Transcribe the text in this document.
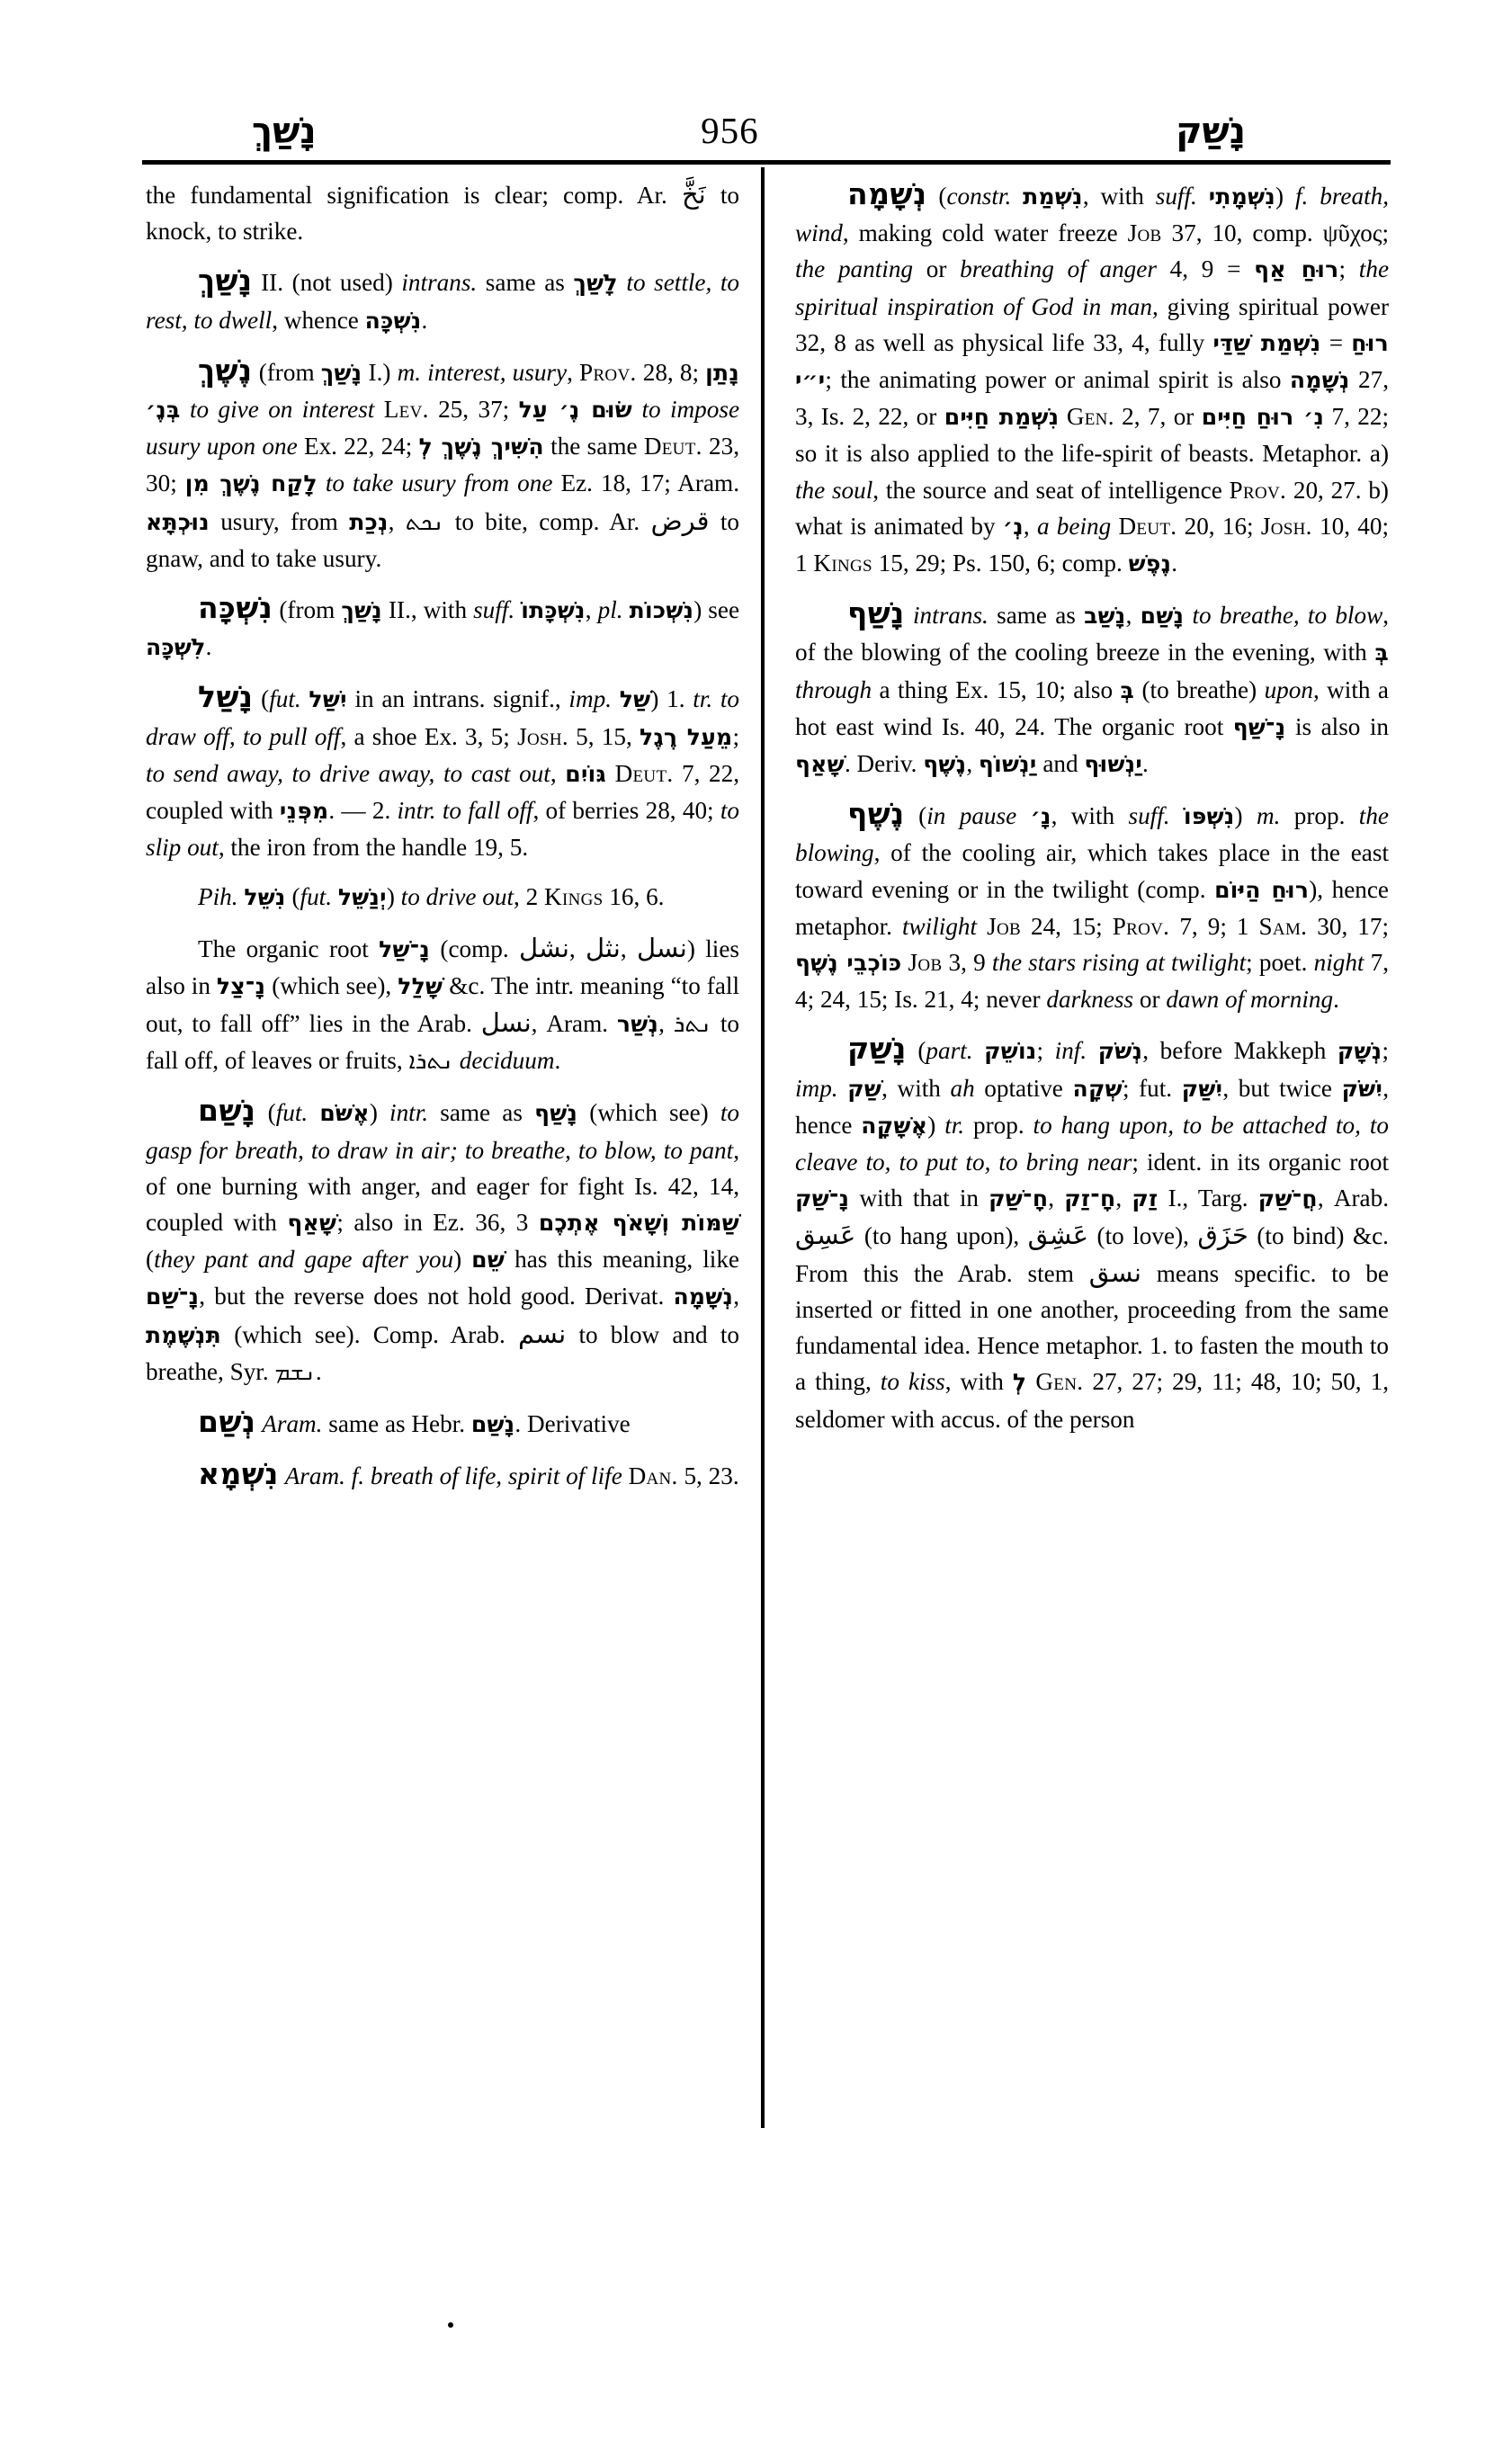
נָשַׁךְ	956	נָשַׁק

the fundamental signification is clear; comp. Ar. نَخَّ to knock, to strike.

נָשַׁךְ II. (not used) intrans. same as לָשַׁךְ to settle, to rest, to dwell, whence נִשְׁכָּה.

נֶשֶׁךְ (from נָשַׁךְ I.) m. interest, usury, Prov. 28, 8; נָתַן בְּנֶ׳ to give on interest Lev. 25, 37; שׂוּם נֶ׳ עַל to impose usury upon one Ex. 22, 24; הִשִּׁיךְ נֶשֶׁךְ לְ the same Deut. 23, 30; לָקַח נֶשֶׁךְ מִן to take usury from one Ez. 18, 17; Aram. נוּכְתָּא usury, from נְכַת, ܢܟܬ to bite, comp. Ar. قرض to gnaw, and to take usury.

נִשְׁכָּה (from נָשַׁךְ II., with suff. נִשְׁכָּתוֹ, pl. נִשְׁכוֹת) see לִשְׁכָּה.

נָשַׁל (fut. יִשַּׁל in an intrans. signif., imp. שַׁל) 1. tr. to draw off, to pull off, a shoe Ex. 3, 5; Josh. 5, 15, מֵעַל רֶגֶל; to send away, to drive away, to cast out, גּוֹיִם Deut. 7, 22, coupled with מִפְּנֵי. — 2. intr. to fall off, of berries 28, 40; to slip out, the iron from the handle 19, 5.

Pih. נִשֵּׁל (fut. יְנַשֵּׁל) to drive out, 2 Kings 16, 6.

The organic root נָ־שַׁל (comp. نشل, نثل, نسل) lies also in נָ־צַל (which see), שָׁלַל &c. The intr. meaning “to fall out, to fall off” lies in the Arab. نسل, Aram. נְשַׁר, ܢܬܪ to fall off, of leaves or fruits, ܢܬܪܐ deciduum.

נָשַׁם (fut. אֶשֹּׁם) intr. same as נָשַׁף (which see) to gasp for breath, to draw in air; to breathe, to blow, to pant, of one burning with anger, and eager for fight Is. 42, 14, coupled with שָׁאַף; also in Ez. 36, 3 שַׁמּוֹת וְשָׁאֹף אֶתְכֶם (they pant and gape after you) שֵׁם has this meaning, like נָ־שַׁם, but the reverse does not hold good. Derivat. נְשָׁמָה, תִּנְשֶׁמֶת (which see). Comp. Arab. نسم to blow and to breathe, Syr. ܢܫܡ.

נְשַׁם Aram. same as Hebr. נָשַׁם. Derivative

נִשְׁמָא Aram. f. breath of life, spirit of life Dan. 5, 23.

נְשָׁמָה (constr. נִשְׁמַת, with suff. נִשְׁמָתִי) f. breath, wind, making cold water freeze Job 37, 10, comp. ψῦχος; the panting or breathing of anger 4, 9 = רוּחַ אַף; the spiritual inspiration of God in man, giving spiritual power 32, 8 as well as physical life 33, 4, fully נִשְׁמַת שַׁדַּי = רוּחַ י״י; the animating power or animal spirit is also נְשָׁמָה 27, 3, Is. 2, 22, or נִשְׁמַת חַיִּים Gen. 2, 7, or נִ׳ רוּחַ חַיִּים 7, 22; so it is also applied to the life-spirit of beasts. Metaphor. a) the soul, the source and seat of intelligence Prov. 20, 27. b) what is animated by נְ׳, a being Deut. 20, 16; Josh. 10, 40; 1 Kings 15, 29; Ps. 150, 6; comp. נֶפֶשׁ.

נָשַׁף intrans. same as נָשַׁב, נָשַׁם to breathe, to blow, of the blowing of the cooling breeze in the evening, with בְּ through a thing Ex. 15, 10; also בְּ (to breathe) upon, with a hot east wind Is. 40, 24. The organic root נָ־שַׁף is also in שָׁאַף. Deriv. נֶשֶׁף, יַנְשׁוֹף and יַנְשׁוּף.

נֶשֶׁף (in pause נָ׳, with suff. נִשְׁפּוֹ) m. prop. the blowing, of the cooling air, which takes place in the east toward evening or in the twilight (comp. רוּחַ הַיּוֹם), hence metaphor. twilight Job 24, 15; Prov. 7, 9; 1 Sam. 30, 17; כּוֹכְבֵי נֶשֶׁף Job 3, 9 the stars rising at twilight; poet. night 7, 4; 24, 15; Is. 21, 4; never darkness or dawn of morning.

נָשַׁק (part. נוֹשֵׁק; inf. נְשֹׁק, before Makkeph נְשָׁק; imp. שַׁק, with ah optative שְׁקָה; fut. יִשַּׁק, but twice יִשֹּׁק, hence אֶשָּׁקָה) tr. prop. to hang upon, to be attached to, to cleave to, to put to, to bring near; ident. in its organic root נָ־שַׁק with that in חָ־שַׁק, חָ־זַק, זַק I., Targ. חֲ־שַׁק, Arab. عَسِق (to hang upon), عَشِق (to love), حَزَق (to bind) &c. From this the Arab. stem نسق means specific. to be inserted or fitted in one another, proceeding from the same fundamental idea. Hence metaphor. 1. to fasten the mouth to a thing, to kiss, with לְ Gen. 27, 27; 29, 11; 48, 10; 50, 1, seldomer with accus. of the person
